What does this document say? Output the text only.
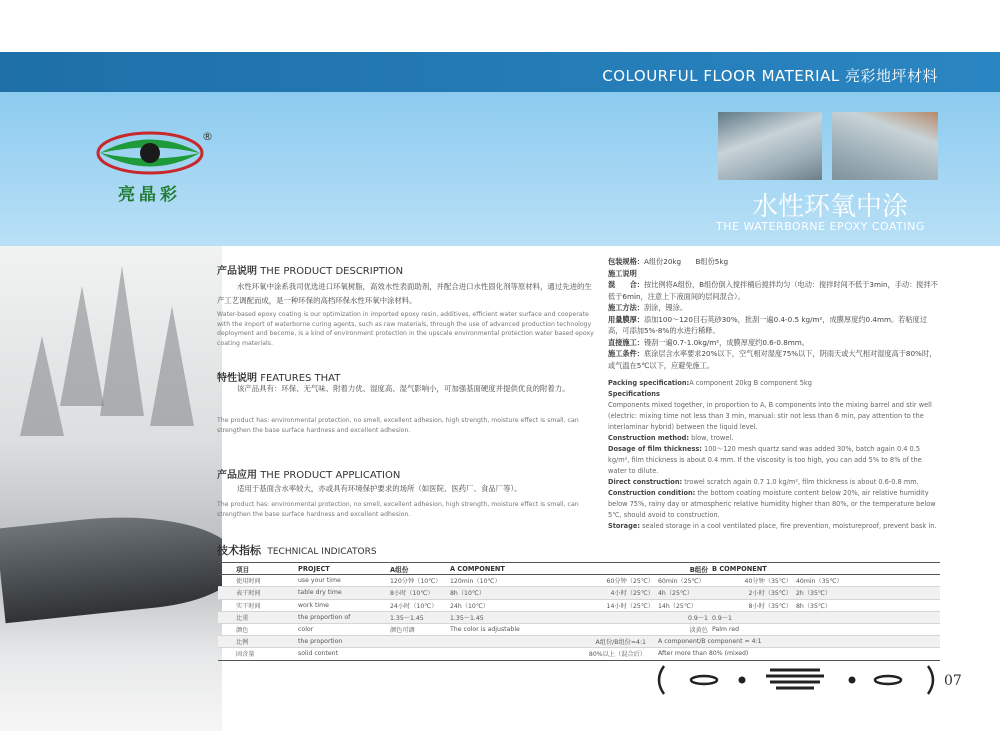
COLOURFUL FLOOR MATERIAL 亮彩地坪材料
®
亮晶彩	水性环氧中涂
THE WATERBORNE EPOXY COATING
产品说明 THE PRODUCT DESCRIPTION
水性环氧中涂系我司优选进口环氧树脂，高效水性表面助剂，并配合进口水性固化剂等原材料，通过先进的生产工艺调配而成，是一种环保的高档环保水性环氧中涂材料。
Water-based epoxy coating is our optimization in imported epoxy resin, additives, efficient water surface and cooperate with the import of waterborne curing agents, such as raw materials, through the use of advanced production technology deployment and become, is a kind of environment protection in the upscale environmental protection water based epoxy coating materials.
特性说明 FEATURES THAT
该产品具有：环保、无气味、附着力优、湿度高、湿气影响小，可加强基面硬度并提供优良的附着力。
The product has: environmental protection, no smell, excellent adhesion, high strength, moisture effect is small, can strengthen the base surface hardness and excellent adhesion.
产品应用 THE PRODUCT APPLICATION
适用于基面含水率较大，亦或具有环境保护要求的场所（如医院、医药厂、食品厂等）。
The product has: environmental protection, no smell, excellent adhesion, high strength, moisture effect is small, can strengthen the base surface hardness and excellent adhesion.
包装规格：A组份20kg　　B组份5kg
施工说明
混　　合：按比例将A组份，B组份倒入搅拌桶后搅拌均匀（电动：搅拌时间不低于3min，手动：搅拌不低于6min，注意上下液面间的层间混合）。
施工方法：刮涂，镘涂。
用量膜厚：添加100～120目石英砂30%，批刮一遍0.4-0.5 kg/m²，成膜厚度约0.4mm。若粘度过高，可添加5%-8%的水进行稀释。
直接施工：镘刮一遍0.7-1.0kg/m²，成膜厚度约0.6-0.8mm。
施工条件：底涂层含水率要求20%以下，空气相对湿度75%以下，阴雨天或大气相对湿度高于80%时，或气温在5℃以下，应避免施工。
Packing specification:A component 20kg B component 5kg
Specifications
Components mixed together, in proportion to A, B components into the mixing barrel and stir well (electric: mixing time not less than 3 min, manual: stir not less than 6 min, pay attention to the interlaminar hybrid) between the liquid level.
Construction method: blow, trowel.
Dosage of film thickness: 100～120 mesh quartz sand was added 30%, batch again 0.4 0.5 kg/m², film thickness is about 0.4 mm. If the viscosity is too high, you can add 5% to 8% of the water to dilute.
Direct construction: trowel scratch again 0.7 1.0 kg/m², film thickness is about 0.6-0.8 mm.
Construction condition: the bottom coating moisture content below 20%, air relative humidity below 75%, rainy day or atmospheric relative humidity higher than 80%, or the temperature below 5℃, should avoid to construction.
Storage: sealed storage in a cool ventilated place, fire prevention, moistureproof, prevent bask in.
技术指标 TECHNICAL INDICATORS
项目	PROJECT	A组份	A COMPONENT		B组份	B COMPONENT	
使用时间	use your time	120分钟（10℃）	120min（10℃）	60分钟（25℃）	60min（25℃）	40分钟（35℃）	40min（35℃）
表干时间	table dry time	8小时（10℃）	8h（10℃）	4小时（25℃）	4h（25℃）	2小时（35℃）	2h（35℃）
实干时间	work time	24小时（10℃）	24h（10℃）	14小时（25℃）	14h（25℃）	8小时（35℃）	8h（35℃）
比重	the proportion of	1.35～1.45	1.35～1.45		0.9～1	0.9～1	
颜色	color	颜色可调	The color is adjustable		淡黄色	Palm red	
比例	the proportion	A组份/B组份=4:1			A component/B component = 4:1		
固含量	solid content	80%以上（混合后）			After more than 80% (mixed)		
07
